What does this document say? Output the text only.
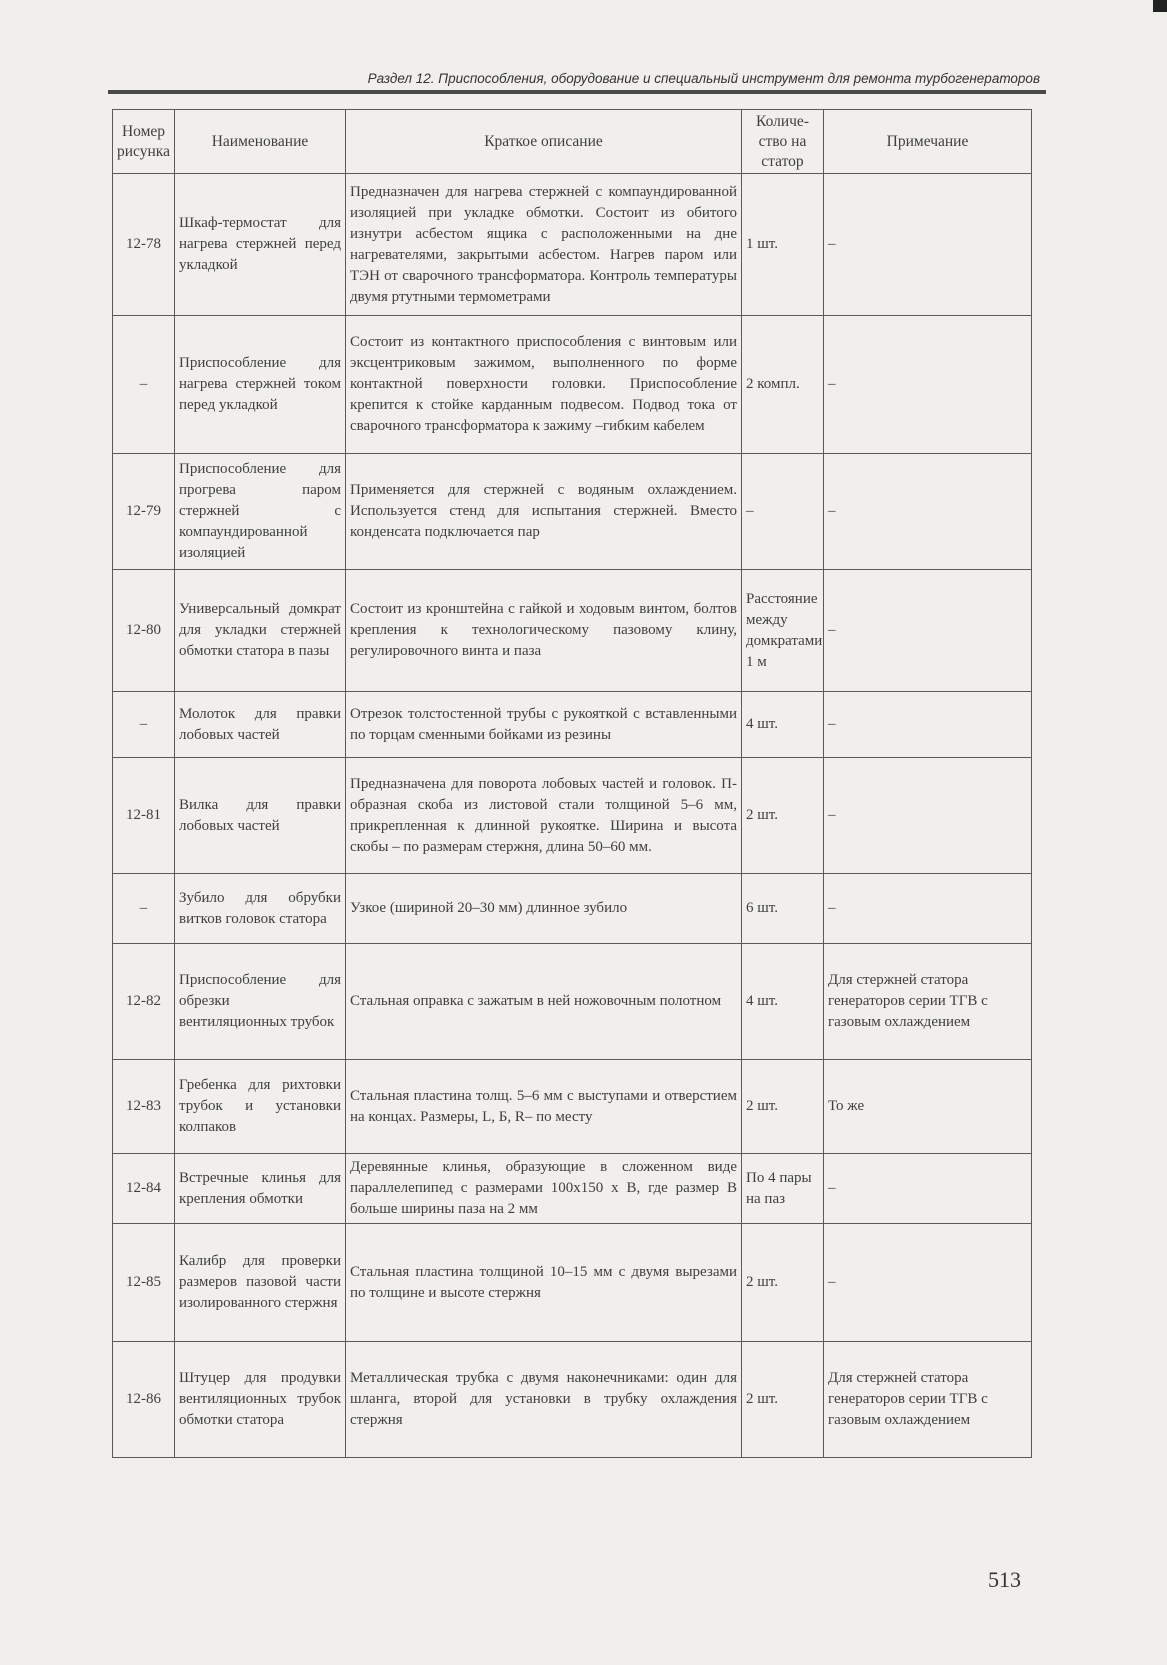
Раздел 12. Приспособления, оборудование и специальный инструмент для ремонта турбогенераторов
Номер рисунка	Наименование	Краткое описание	Количе-ство на статор	Примечание
12-78	Шкаф-термостат для нагрева стержней перед укладкой	Предназначен для нагрева стержней с компаундированной изоляцией при укладке обмотки. Состоит из обитого изнутри асбестом ящика с расположенными на дне нагревателями, закрытыми асбестом. Нагрев паром или ТЭН от сварочного трансформатора. Контроль температуры двумя ртутными термометрами	1 шт.	–
–	Приспособление для нагрева стержней током перед укладкой	Состоит из контактного приспособления с винтовым или эксцентриковым зажимом, выполненного по форме контактной поверхности головки. Приспособление крепится к стойке карданным подвесом. Подвод тока от сварочного трансформатора к зажиму –гибким кабелем	2 компл.	–
12-79	Приспособление для прогрева паром стержней с компаундированной изоляцией	Применяется для стержней с водяным охлаждением. Используется стенд для испытания стержней. Вместо конденсата подключается пар	–	–
12-80	Универсальный домкрат для укладки стержней обмотки статора в пазы	Состоит из кронштейна с гайкой и ходовым винтом, болтов крепления к технологическому пазовому клину, регулировочного винта и паза	Расстояние между домкратами 1 м	–
–	Молоток для правки лобовых частей	Отрезок толстостенной трубы с рукояткой с вставленными по торцам сменными бойками из резины	4 шт.	–
12-81	Вилка для правки лобовых частей	Предназначена для поворота лобовых частей и головок. П-образная скоба из листовой стали толщиной 5–6 мм, прикрепленная к длинной рукоятке. Ширина и высота скобы – по размерам стержня, длина 50–60 мм.	2 шт.	–
–	Зубило для обрубки витков головок статора	Узкое (шириной 20–30 мм) длинное зубило	6 шт.	–
12-82	Приспособление для обрезки вентиляционных трубок	Стальная оправка с зажатым в ней ножовочным полотном	4 шт.	Для стержней статора генераторов серии ТГВ с газовым охлаждением
12-83	Гребенка для рихтовки трубок и установки колпаков	Стальная пластина толщ. 5–6 мм с выступами и отверстием на концах. Размеры, L, Б, R– по месту	2 шт.	То же
12-84	Встречные клинья для крепления обмотки	Деревянные клинья, образующие в сложенном виде параллелепипед с размерами 100x150 x B, где размер B больше ширины паза на 2 мм	По 4 пары на паз	–
12-85	Калибр для проверки размеров пазовой части изолированного стержня	Стальная пластина толщиной 10–15 мм с двумя вырезами по толщине и высоте стержня	2 шт.	–
12-86	Штуцер для продувки вентиляционных трубок обмотки статора	Металлическая трубка с двумя наконечниками: один для шланга, второй для установки в трубку охлаждения стержня	2 шт.	Для стержней статора генераторов серии ТГВ с газовым охлаждением
513
